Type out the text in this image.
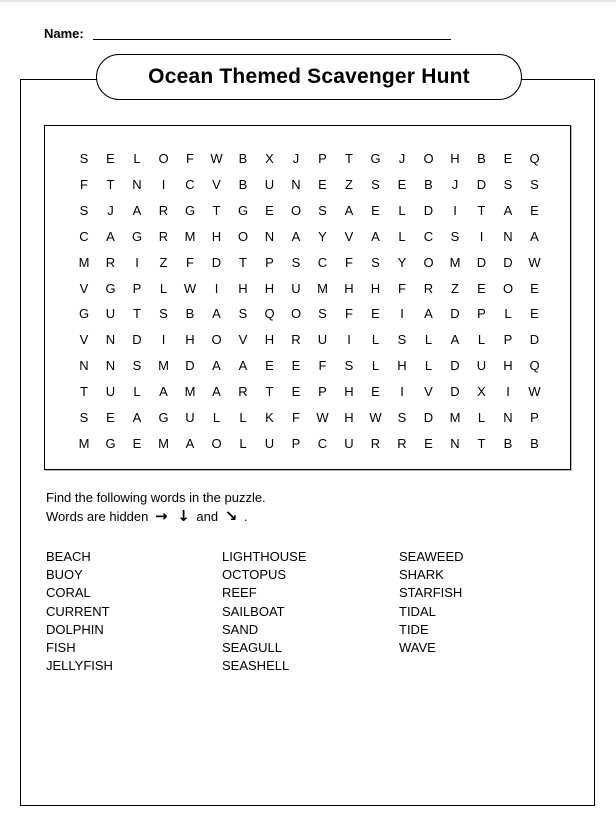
Name:
Ocean Themed Scavenger Hunt
S E L O F W B X J P T G J O H B E Q
F T N	I	C V B U N E Z S E B J D S S
S J A R G T G E O S A E L D	I	T A E
C A G R M H O N A Y V A L C S	I	N A
M R	I	Z F D T P S C F S Y O M D D W
V G P L W	I	H H U M H H F R Z E O E
G U T S B A S Q O S F E	I	A D P L E
V N D	I	H O V H R U	I	L S L A L P D
N N S M D A A E E F S L H L D U H Q
T U L A M A R T E P H E	I	V D X	I	W
S E A G U L L K F W H W S D M L N P
M G E M A O L U P C U R R E N T B B
Find the following words in the puzzle.
Words are hidden → ↓ and ↘ .
BEACH
BUOY
CORAL
CURRENT
DOLPHIN
FISH
JELLYFISH
LIGHTHOUSE
OCTOPUS
REEF
SAILBOAT
SAND
SEAGULL
SEASHELL
SEAWEED
SHARK
STARFISH
TIDAL
TIDE
WAVE
